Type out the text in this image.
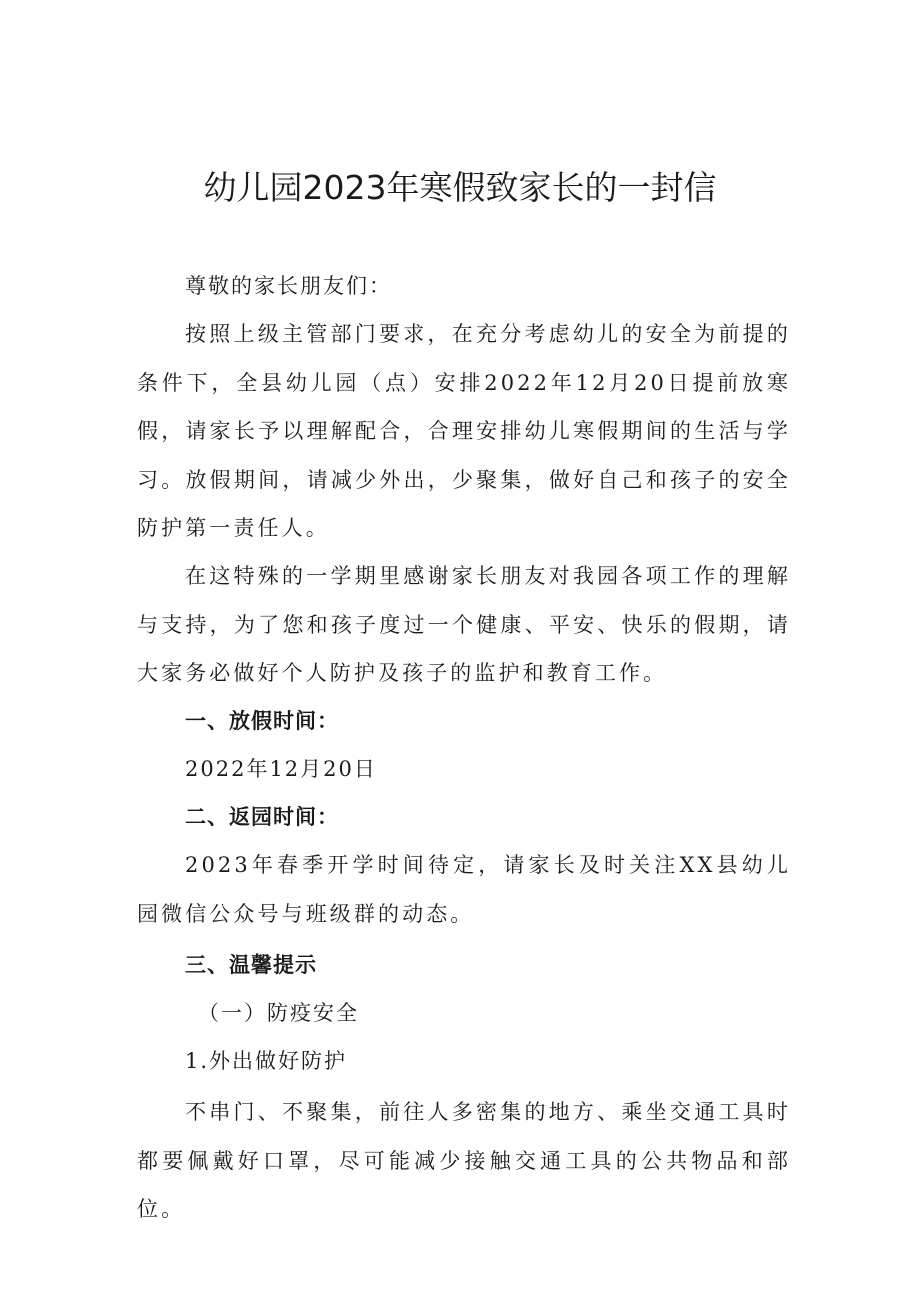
幼儿园2023年寒假致家长的一封信

尊敬的家长朋友们：

按照上级主管部门要求，在充分考虑幼儿的安全为前提的条件下，全县幼儿园（点）安排2022年12月20日提前放寒假，请家长予以理解配合，合理安排幼儿寒假期间的生活与学习。放假期间，请减少外出，少聚集，做好自己和孩子的安全防护第一责任人。

在这特殊的一学期里感谢家长朋友对我园各项工作的理解与支持，为了您和孩子度过一个健康、平安、快乐的假期，请大家务必做好个人防护及孩子的监护和教育工作。

一、放假时间：

2022年12月20日

二、返园时间：

2023年春季开学时间待定，请家长及时关注XX县幼儿园微信公众号与班级群的动态。

三、温馨提示

（一）防疫安全

1.外出做好防护

不串门、不聚集，前往人多密集的地方、乘坐交通工具时都要佩戴好口罩，尽可能减少接触交通工具的公共物品和部位。
